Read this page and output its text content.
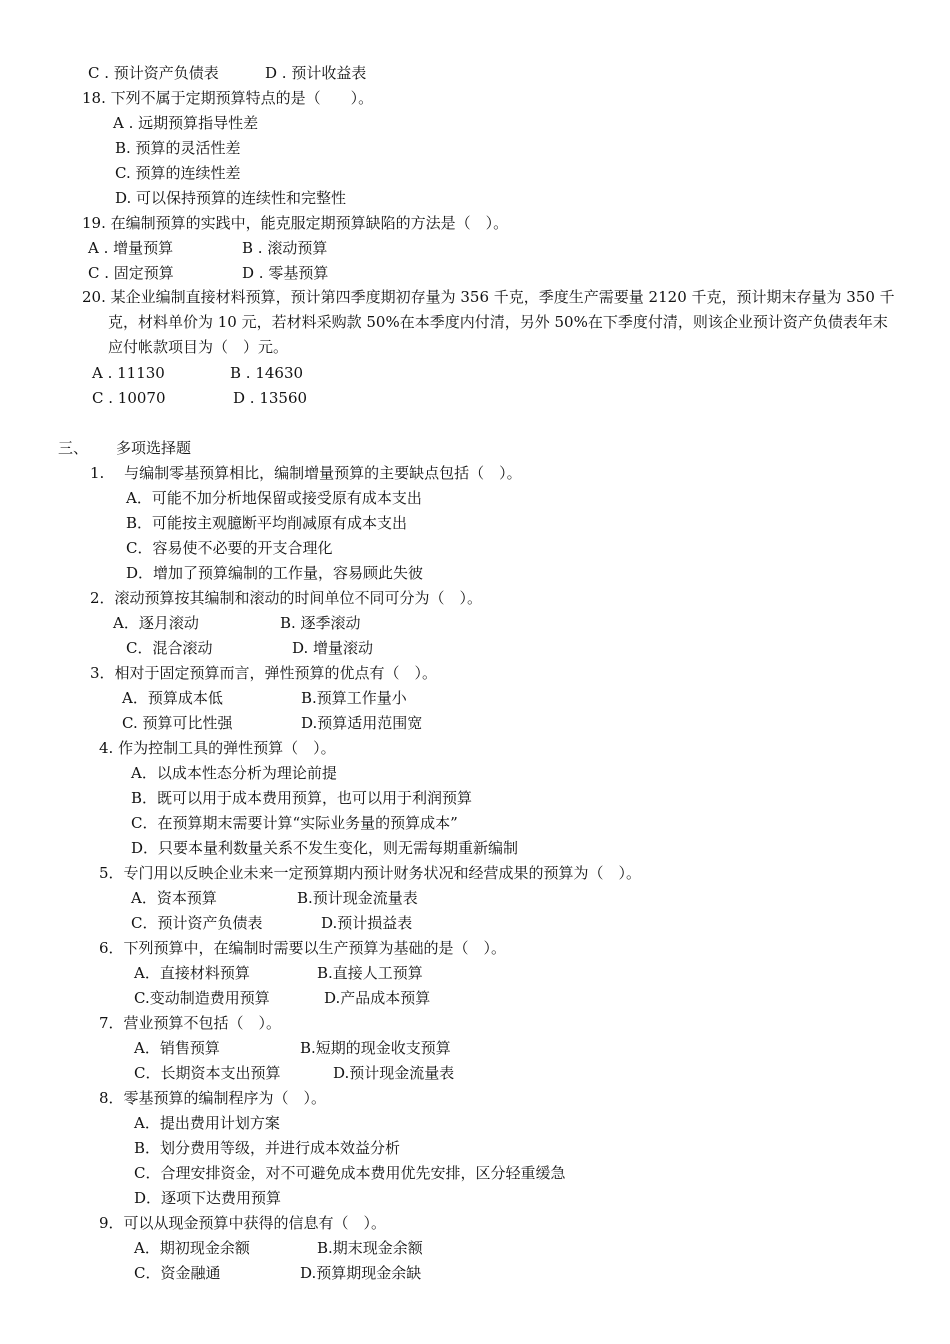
C . 预计资产负债表	D . 预计收益表
18. 下列不属于定期预算特点的是（　　）。
A . 远期预算指导性差
B. 预算的灵活性差
C. 预算的连续性差
D. 可以保持预算的连续性和完整性
19. 在编制预算的实践中，能克服定期预算缺陷的方法是（　）。
A . 增量预算	B . 滚动预算
C . 固定预算	D . 零基预算
20. 某企业编制直接材料预算，预计第四季度期初存量为 356 千克，季度生产需要量 2120 千克，预计期末存量为 350 千克，材料单价为 10 元，若材料采购款 50%在本季度内付清，另外 50%在下季度付清，则该企业预计资产负债表年末应付帐款项目为（　）元。
A . 11130	B . 14630
C . 10070	D . 13560
三、 多项选择题
1.　 与编制零基预算相比，编制增量预算的主要缺点包括（　）。
A．可能不加分析地保留或接受原有成本支出
B．可能按主观臆断平均削减原有成本支出
C．容易使不必要的开支合理化
D．增加了预算编制的工作量，容易顾此失彼
2．滚动预算按其编制和滚动的时间单位不同可分为（　）。
A．逐月滚动	B. 逐季滚动
C．混合滚动	D. 增量滚动
3．相对于固定预算而言，弹性预算的优点有（　）。
A．预算成本低	B.预算工作量小
C. 预算可比性强	D.预算适用范围宽
4. 作为控制工具的弹性预算（　）。
A．以成本性态分析为理论前提
B．既可以用于成本费用预算，也可以用于利润预算
C．在预算期末需要计算“实际业务量的预算成本”
D．只要本量利数量关系不发生变化，则无需每期重新编制
5．专门用以反映企业未来一定预算期内预计财务状况和经营成果的预算为（　）。
A．资本预算	B.预计现金流量表
C．预计资产负债表	D.预计损益表
6．下列预算中，在编制时需要以生产预算为基础的是（　）。
A．直接材料预算	B.直接人工预算
C.变动制造费用预算	D.产品成本预算
7．营业预算不包括（　）。
A．销售预算	B.短期的现金收支预算
C．长期资本支出预算	D.预计现金流量表
8．零基预算的编制程序为（　）。
A．提出费用计划方案
B．划分费用等级，并进行成本效益分析
C．合理安排资金，对不可避免成本费用优先安排，区分轻重缓急
D．逐项下达费用预算
9．可以从现金预算中获得的信息有（　）。
A．期初现金余额	B.期末现金余额
C．资金融通	D.预算期现金余缺
